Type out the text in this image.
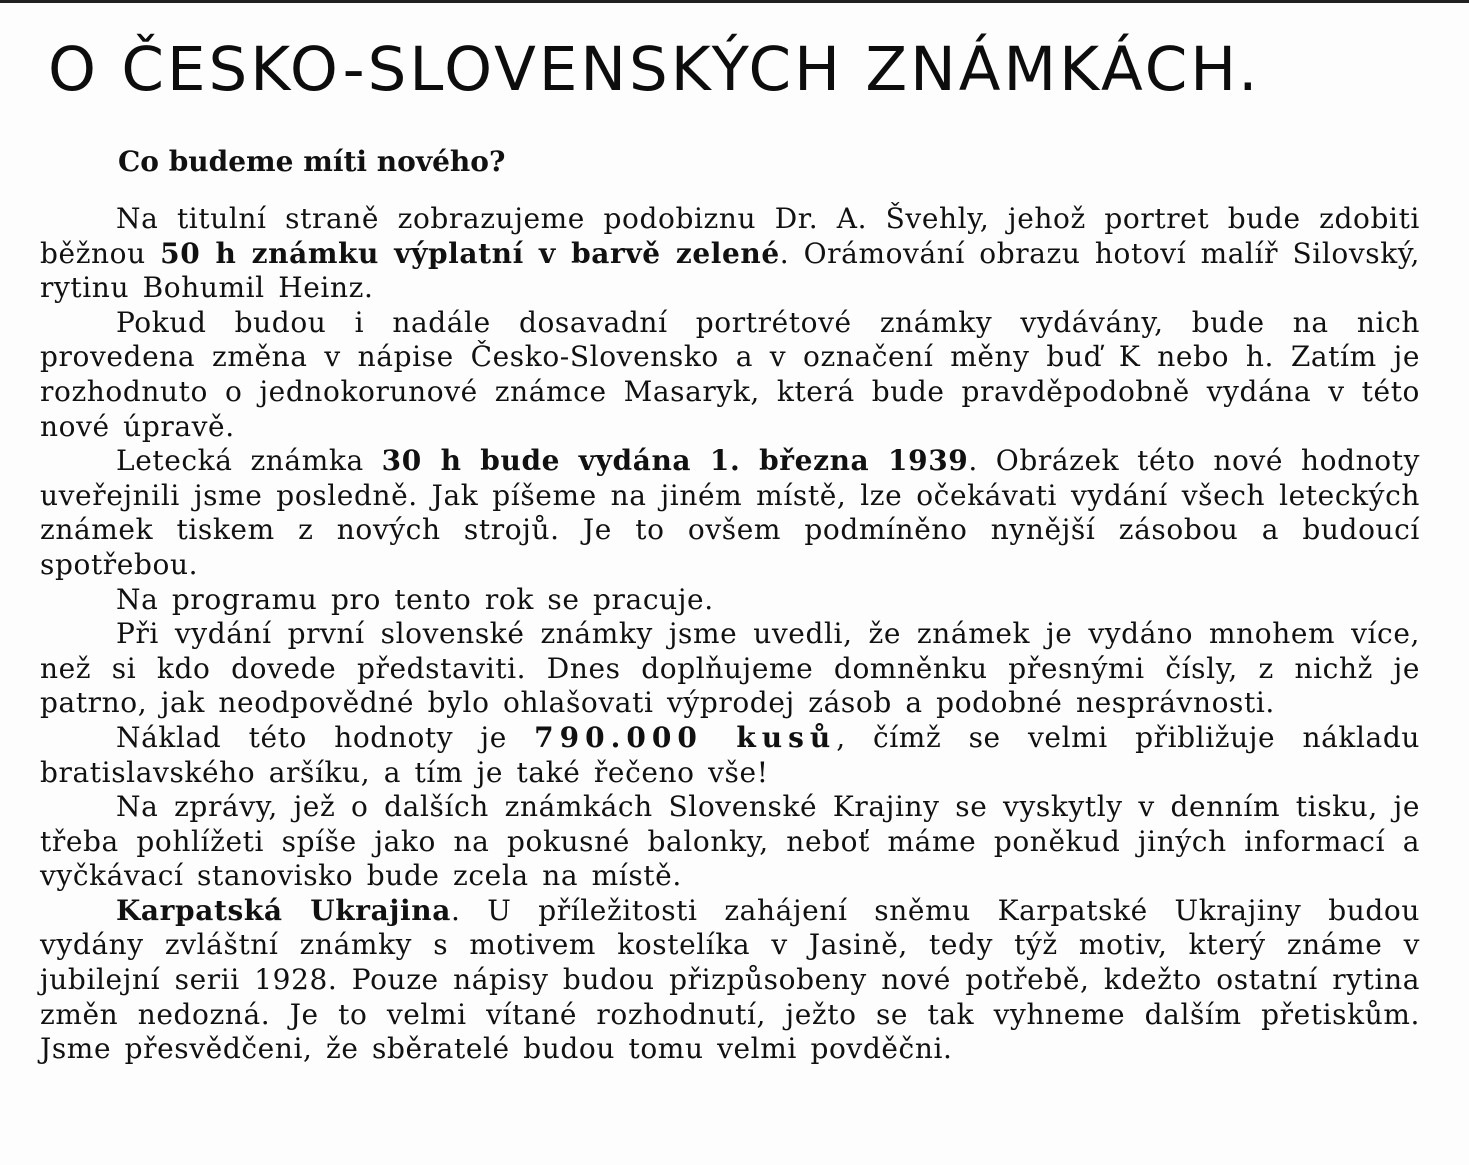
O ČESKO-SLOVENSKÝCH ZNÁMKÁCH.
Co budeme míti nového?

Na titulní straně zobrazujeme podobiznu Dr. A. Švehly, jehož portret bude zdobiti běžnou 50 h známku výplatní v barvě zelené. Orámování obrazu hotoví malíř Silovský, rytinu Bohumil Heinz.

Pokud budou i nadále dosavadní portrétové známky vydávány, bude na nich provedena změna v nápise Česko-Slovensko a v označení měny buď K nebo h. Zatím je rozhodnuto o jednokorunové známce Masaryk, která bude pravděpodobně vydána v této nové úpravě.

Letecká známka 30 h bude vydána 1. března 1939. Obrázek této nové hodnoty uveřejnili jsme posledně. Jak píšeme na jiném místě, lze očekávati vydání všech leteckých známek tiskem z nových strojů. Je to ovšem podmíněno nynější zásobou a budoucí spotřebou.

Na programu pro tento rok se pracuje.

Při vydání první slovenské známky jsme uvedli, že známek je vydáno mnohem více, než si kdo dovede představiti. Dnes doplňujeme domněnku přesnými čísly, z nichž je patrno, jak neodpovědné bylo ohlašovati výprodej zásob a podobné nesprávnosti.

Náklad této hodnoty je 790.000 kusů, čímž se velmi přibližuje nákladu bratislavského aršíku, a tím je také řečeno vše!

Na zprávy, jež o dalších známkách Slovenské Krajiny se vyskytly v denním tisku, je třeba pohlížeti spíše jako na pokusné balonky, neboť máme poněkud jiných informací a vyčkávací stanovisko bude zcela na místě.

Karpatská Ukrajina. U příležitosti zahájení sněmu Karpatské Ukrajiny budou vydány zvláštní známky s motivem kostelíka v Jasině, tedy týž motiv, který známe v jubilejní serii 1928. Pouze nápisy budou přizpůsobeny nové potřebě, kdežto ostatní rytina změn nedozná. Je to velmi vítané rozhodnutí, ježto se tak vyhneme dalším přetiskům. Jsme přesvědčeni, že sběratelé budou tomu velmi povděčni.
